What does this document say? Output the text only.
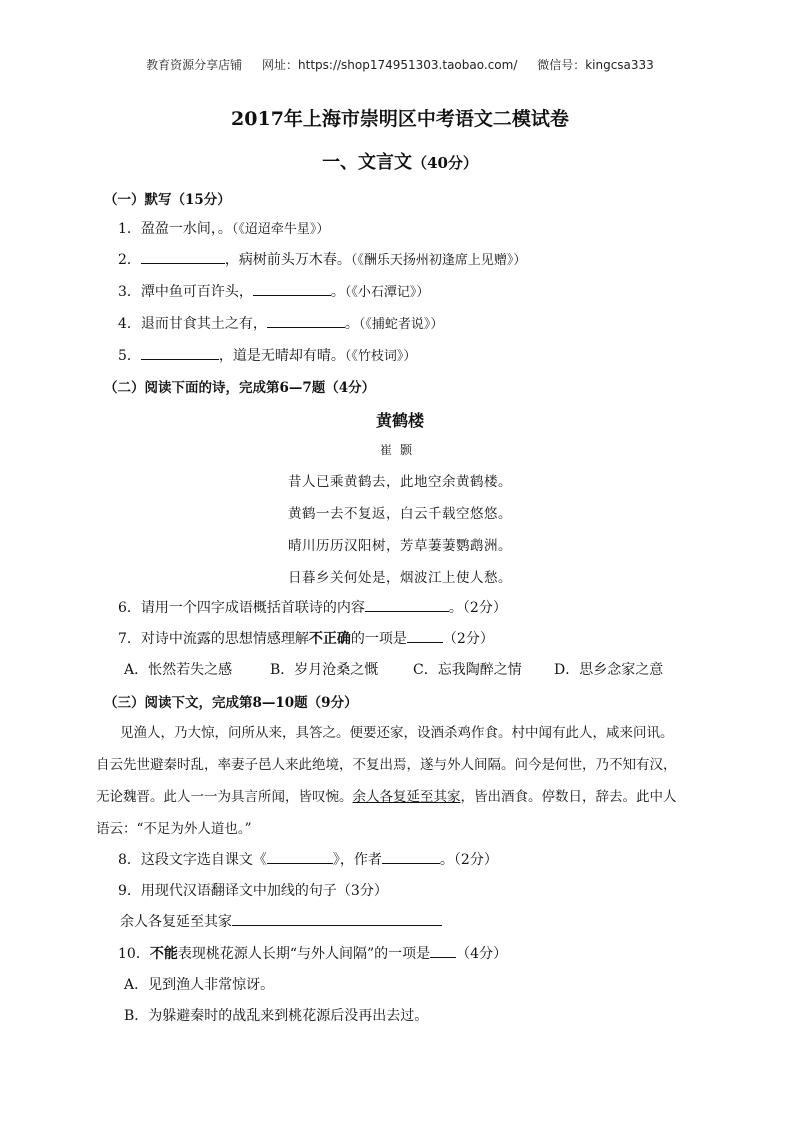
教育资源分享店铺 网址：https://shop174951303.taobao.com/ 微信号：kingcsa333
2017年上海市崇明区中考语文二模试卷
一、文言文（40分）
（一）默写（15分）
1．盈盈一水间，。（《迢迢牵牛星》）
2．	，病树前头万木春。（《酬乐天扬州初逢席上见赠》）
3．潭中鱼可百许头，	。（《小石潭记》）
4．退而甘食其土之有，	。（《捕蛇者说》）
5．	，道是无晴却有晴。（《竹枝词》）
（二）阅读下面的诗，完成第6—7题（4分）
黄鹤楼
崔颢
昔人已乘黄鹤去，此地空余黄鹤楼。
黄鹤一去不复返，白云千载空悠悠。
晴川历历汉阳树，芳草萋萋鹦鹉洲。
日暮乡关何处是，烟波江上使人愁。
6．请用一个四字成语概括首联诗的内容	。（2分）
7．对诗中流露的思想情感理解不正确的一项是	（2分）
A．怅然若失之感	B．岁月沧桑之慨 C．忘我陶醉之情 D．思乡念家之意
（三）阅读下文，完成第8—10题（9分）
见渔人，乃大惊，问所从来，具答之。便要还家，设酒杀鸡作食。村中闻有此人，咸来问讯。
自云先世避秦时乱，率妻子邑人来此绝境，不复出焉，遂与外人间隔。问今是何世，乃不知有汉，
无论魏晋。此人一一为具言所闻，皆叹惋。余人各复延至其家，皆出酒食。停数日，辞去。此中人
语云：“不足为外人道也。”
8．这段文字选自课文《	》，作者	。（2分）
9．用现代汉语翻译文中加线的句子（3分）
余人各复延至其家
10．不能表现桃花源人长期“与外人间隔”的一项是 （4分）
A．见到渔人非常惊讶。
B．为躲避秦时的战乱来到桃花源后没再出去过。
